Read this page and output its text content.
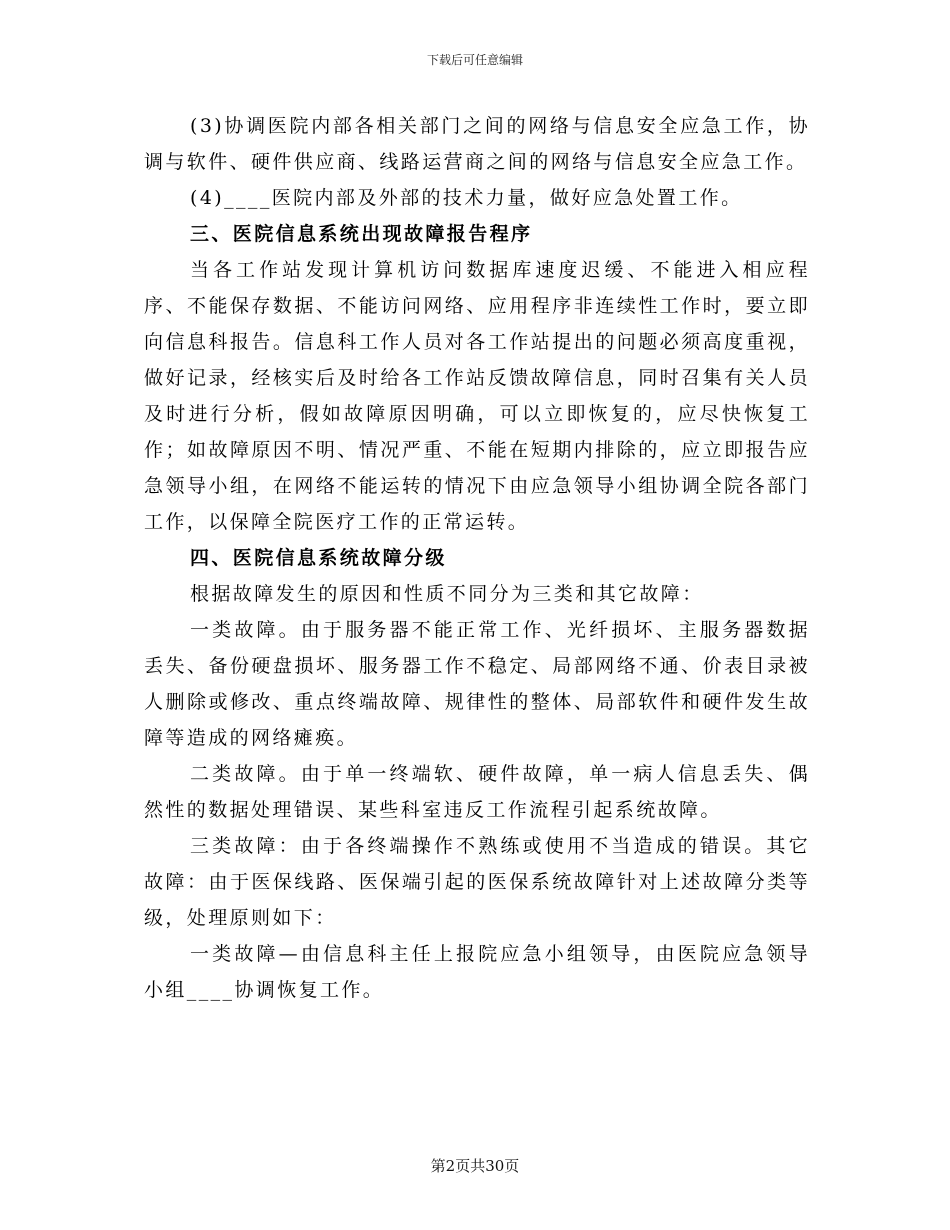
下载后可任意编辑

(3)协调医院内部各相关部门之间的网络与信息安全应急工作，协调与软件、硬件供应商、线路运营商之间的网络与信息安全应急工作。

(4)____医院内部及外部的技术力量，做好应急处置工作。

三、医院信息系统出现故障报告程序

当各工作站发现计算机访问数据库速度迟缓、不能进入相应程序、不能保存数据、不能访问网络、应用程序非连续性工作时，要立即向信息科报告。信息科工作人员对各工作站提出的问题必须高度重视，做好记录，经核实后及时给各工作站反馈故障信息，同时召集有关人员及时进行分析，假如故障原因明确，可以立即恢复的，应尽快恢复工作；如故障原因不明、情况严重、不能在短期内排除的，应立即报告应急领导小组，在网络不能运转的情况下由应急领导小组协调全院各部门工作，以保障全院医疗工作的正常运转。

四、医院信息系统故障分级

根据故障发生的原因和性质不同分为三类和其它故障：

一类故障。由于服务器不能正常工作、光纤损坏、主服务器数据丢失、备份硬盘损坏、服务器工作不稳定、局部网络不通、价表目录被人删除或修改、重点终端故障、规律性的整体、局部软件和硬件发生故障等造成的网络瘫痪。

二类故障。由于单一终端软、硬件故障，单一病人信息丢失、偶然性的数据处理错误、某些科室违反工作流程引起系统故障。

三类故障：由于各终端操作不熟练或使用不当造成的错误。其它故障：由于医保线路、医保端引起的医保系统故障针对上述故障分类等级，处理原则如下：

一类故障—由信息科主任上报院应急小组领导，由医院应急领导小组____协调恢复工作。

第2页共30页
